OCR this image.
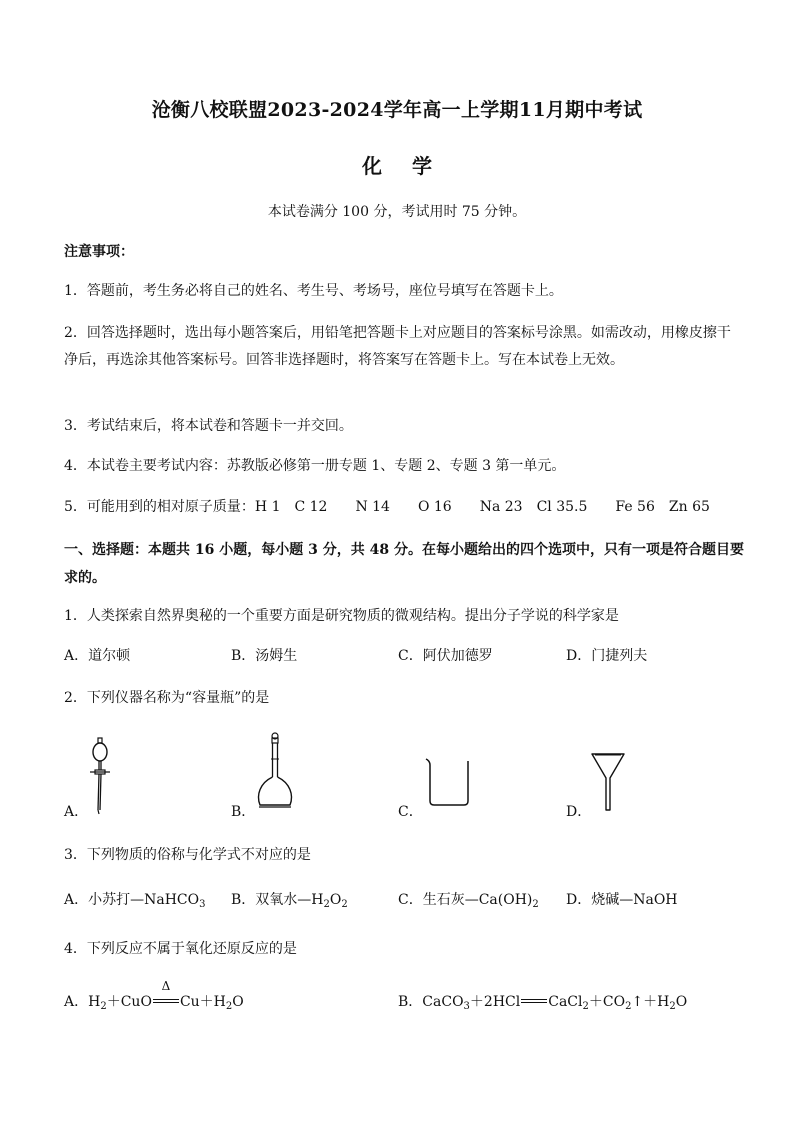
沧衡八校联盟2023-2024学年高一上学期11月期中考试
化学
本试卷满分 100 分，考试用时 75 分钟。
注意事项：
1．答题前，考生务必将自己的姓名、考生号、考场号，座位号填写在答题卡上。
2．回答选择题时，选出每小题答案后，用铅笔把答题卡上对应题目的答案标号涂黑。如需改动，用橡皮擦干净后，再选涂其他答案标号。回答非选择题时，将答案写在答题卡上。写在本试卷上无效。
3．考试结束后，将本试卷和答题卡一并交回。
4．本试卷主要考试内容：苏教版必修第一册专题 1、专题 2、专题 3 第一单元。
5．可能用到的相对原子质量：H 1　C 12　　N 14　　O 16　　Na 23　Cl 35.5　　Fe 56　Zn 65
一、选择题：本题共 16 小题，每小题 3 分，共 48 分。在每小题给出的四个选项中，只有一项是符合题目要求的。
1．人类探索自然界奥秘的一个重要方面是研究物质的微观结构。提出分子学说的科学家是
A．道尔顿	B．汤姆生	C．阿伏加德罗	D．门捷列夫
2．下列仪器名称为“容量瓶”的是
A．	B．	C．	D．
3．下列物质的俗称与化学式不对应的是
A．小苏打—NaHCO$_3$ B．双氧水$—H_2O_2$	C．生石灰$—Ca(OH)_2$ D．烧碱—NaOH
4．下列反应不属于氧化还原反应的是
A．$H_2+CuO$
Δ
$Cu+H_2O$	B．CaCO$_3$＋2HCl $CaCl_2+CO_2↑+H_2O$
